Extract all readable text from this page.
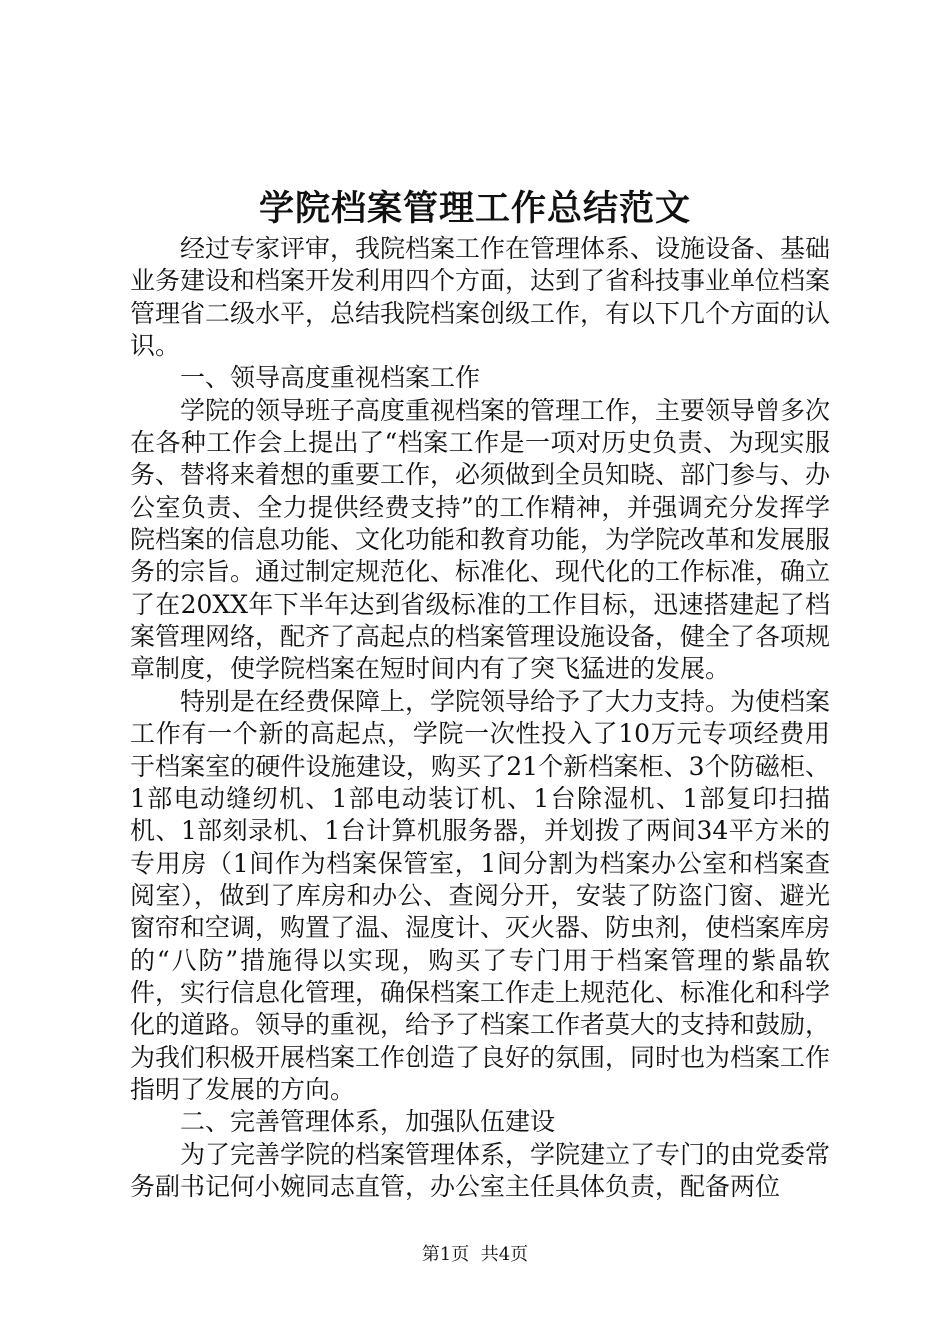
学院档案管理工作总结范文

经过专家评审，我院档案工作在管理体系、设施设备、基础业务建设和档案开发利用四个方面，达到了省科技事业单位档案管理省二级水平，总结我院档案创级工作，有以下几个方面的认识。

一、领导高度重视档案工作

学院的领导班子高度重视档案的管理工作，主要领导曾多次在各种工作会上提出了“档案工作是一项对历史负责、为现实服务、替将来着想的重要工作，必须做到全员知晓、部门参与、办公室负责、全力提供经费支持”的工作精神，并强调充分发挥学院档案的信息功能、文化功能和教育功能，为学院改革和发展服务的宗旨。通过制定规范化、标准化、现代化的工作标准，确立了在20XX年下半年达到省级标准的工作目标，迅速搭建起了档案管理网络，配齐了高起点的档案管理设施设备，健全了各项规章制度，使学院档案在短时间内有了突飞猛进的发展。

特别是在经费保障上，学院领导给予了大力支持。为使档案工作有一个新的高起点，学院一次性投入了10万元专项经费用于档案室的硬件设施建设，购买了21个新档案柜、3个防磁柜、1部电动缝纫机、1部电动装订机、1台除湿机、1部复印扫描机、1部刻录机、1台计算机服务器，并划拨了两间34平方米的专用房（1间作为档案保管室，1间分割为档案办公室和档案查阅室），做到了库房和办公、查阅分开，安装了防盗门窗、避光窗帘和空调，购置了温、湿度计、灭火器、防虫剂，使档案库房的“八防”措施得以实现，购买了专门用于档案管理的紫晶软件，实行信息化管理，确保档案工作走上规范化、标准化和科学化的道路。领导的重视，给予了档案工作者莫大的支持和鼓励，为我们积极开展档案工作创造了良好的氛围，同时也为档案工作指明了发展的方向。

二、完善管理体系，加强队伍建设

为了完善学院的档案管理体系，学院建立了专门的由党委常务副书记何小婉同志直管，办公室主任具体负责，配备两位

第1页 共4页
